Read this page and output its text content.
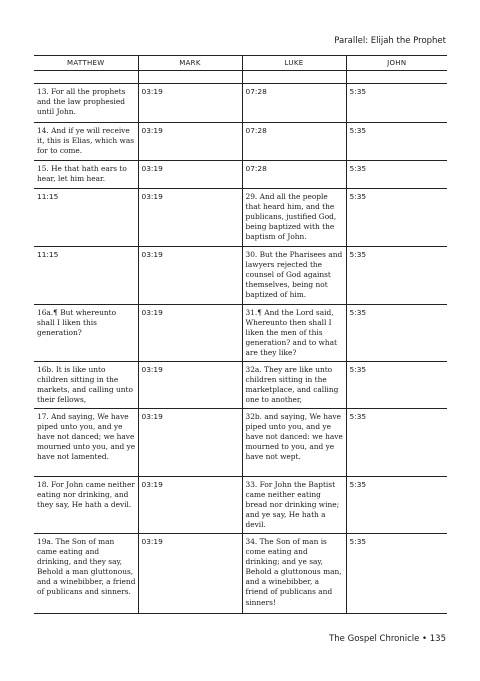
Parallel: Elijah the Prophet
MATTHEW	MARK	LUKE	JOHN

13. For all the prophets and the law prophesied until John.	03:19	07:28	5:35
14. And if ye will receive it, this is Elias, which was for to come.	03:19	07:28	5:35
15. He that hath ears to hear, let him hear.	03:19	07:28	5:35
11:15	03:19	29. And all the people that heard him, and the publicans, justified God, being baptized with the baptism of John.	5:35
11:15	03:19	30. But the Pharisees and lawyers rejected the counsel of God against themselves, being not baptized of him.	5:35
16a.¶ But whereunto shall I liken this generation?	03:19	31.¶ And the Lord said, Whereunto then shall I liken the men of this generation? and to what are they like?	5:35
16b. It is like unto children sitting in the markets, and calling unto their fellows,	03:19	32a. They are like unto children sitting in the marketplace, and calling one to another,	5:35
17. And saying, We have piped unto you, and ye have not danced; we have mourned unto you, and ye have not lamented.	03:19	32b. and saying, We have piped unto you, and ye have not danced: we have mourned to you, and ye have not wept.	5:35
18. For John came neither eating nor drinking, and they say, He hath a devil.	03:19	33. For John the Baptist came neither eating bread nor drinking wine; and ye say, He hath a devil.	5:35
19a. The Son of man came eating and drinking, and they say, Behold a man gluttonous, and a winebibber, a friend of publicans and sinners.	03:19	34. The Son of man is come eating and drinking; and ye say, Behold a gluttonous man, and a winebibber, a friend of publicans and sinners!	5:35
The Gospel Chronicle • 135
